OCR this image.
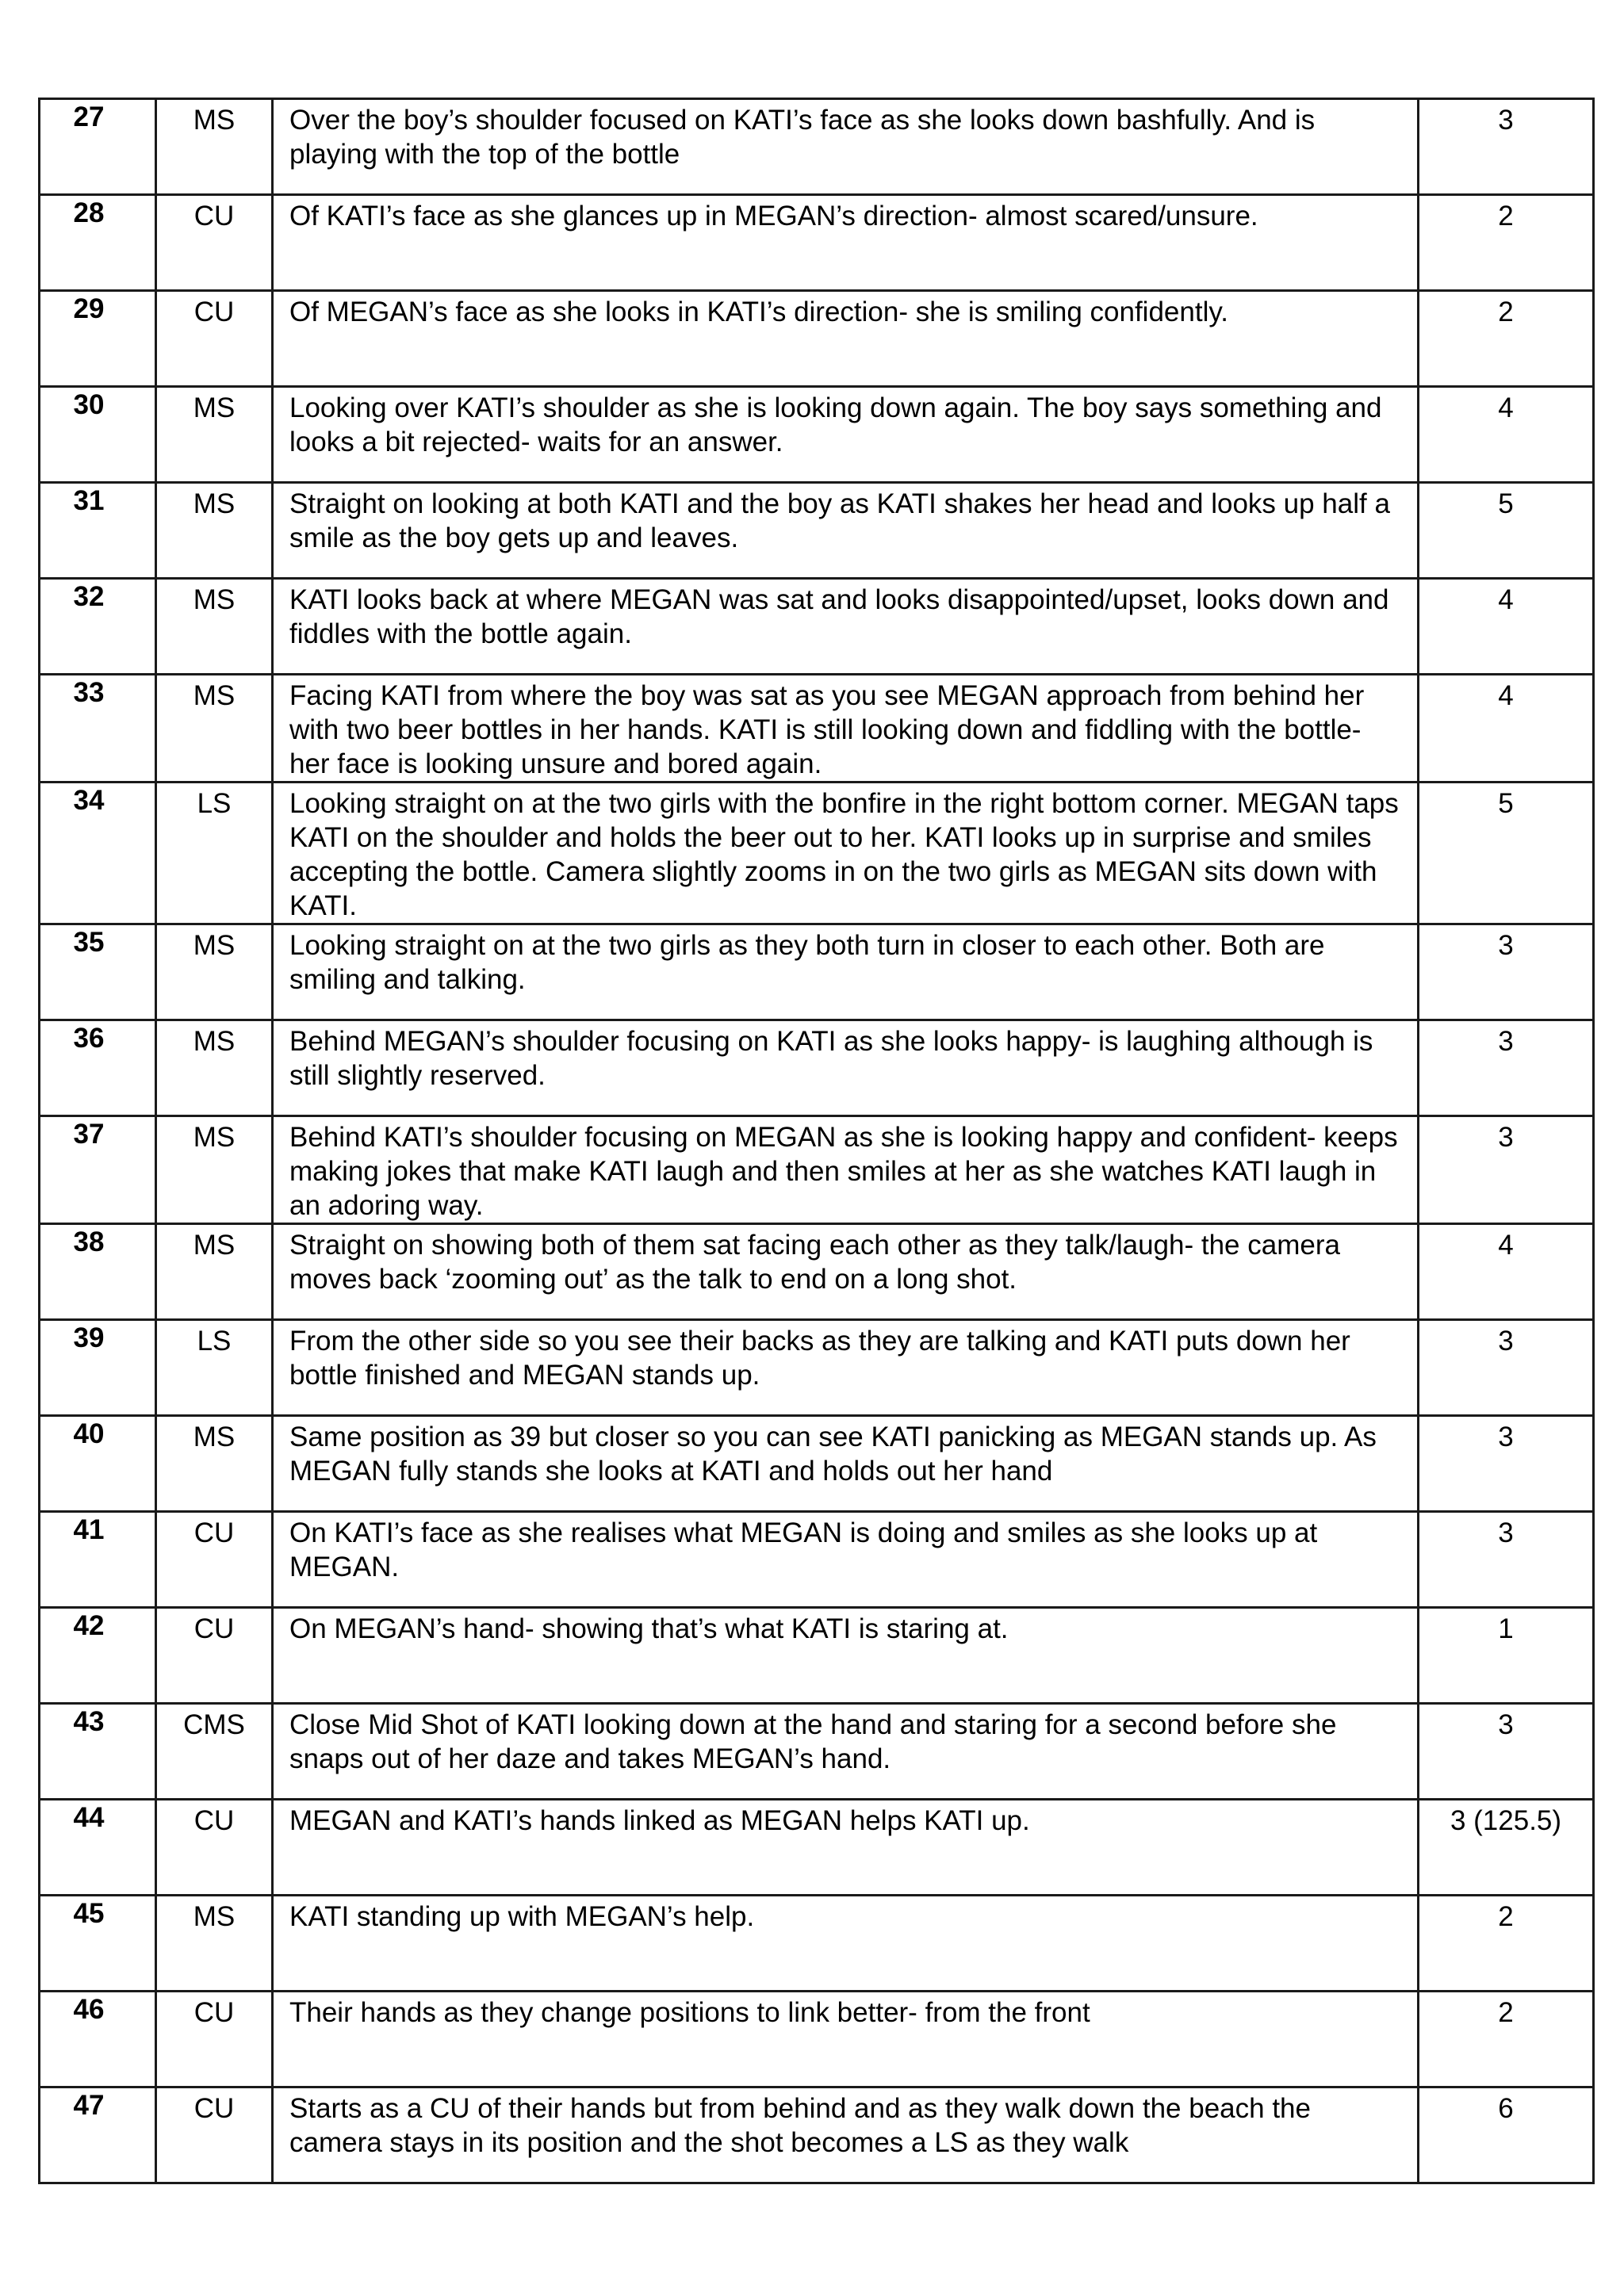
27	MS	Over the boy’s shoulder focused on KATI’s face as she looks down bashfully. And is playing with the top of the bottle	3
28	CU	Of KATI’s face as she glances up in MEGAN’s direction- almost scared/unsure.	2
29	CU	Of MEGAN’s face as she looks in KATI’s direction- she is smiling confidently.	2
30	MS	Looking over KATI’s shoulder as she is looking down again. The boy says something and looks a bit rejected- waits for an answer.	4
31	MS	Straight on looking at both KATI and the boy as KATI shakes her head and looks up half a smile as the boy gets up and leaves.	5
32	MS	KATI looks back at where MEGAN was sat and looks disappointed/upset, looks down and fiddles with the bottle again.	4
33	MS	Facing KATI from where the boy was sat as you see MEGAN approach from behind her with two beer bottles in her hands. KATI is still looking down and fiddling with the bottle- her face is looking unsure and bored again.	4
34	LS	Looking straight on at the two girls with the bonfire in the right bottom corner. MEGAN taps KATI on the shoulder and holds the beer out to her. KATI looks up in surprise and smiles accepting the bottle. Camera slightly zooms in on the two girls as MEGAN sits down with KATI.	5
35	MS	Looking straight on at the two girls as they both turn in closer to each other. Both are smiling and talking.	3
36	MS	Behind MEGAN’s shoulder focusing on KATI as she looks happy- is laughing although is still slightly reserved.	3
37	MS	Behind KATI’s shoulder focusing on MEGAN as she is looking happy and confident- keeps making jokes that make KATI laugh and then smiles at her as she watches KATI laugh in an adoring way.	3
38	MS	Straight on showing both of them sat facing each other as they talk/laugh- the camera moves back ‘zooming out’ as the talk to end on a long shot.	4
39	LS	From the other side so you see their backs as they are talking and KATI puts down her bottle finished and MEGAN stands up.	3
40	MS	Same position as 39 but closer so you can see KATI panicking as MEGAN stands up. As MEGAN fully stands she looks at KATI and holds out her hand	3
41	CU	On KATI’s face as she realises what MEGAN is doing and smiles as she looks up at MEGAN.	3
42	CU	On MEGAN’s hand- showing that’s what KATI is staring at.	1
43	CMS	Close Mid Shot of KATI looking down at the hand and staring for a second before she snaps out of her daze and takes MEGAN’s hand.	3
44	CU	MEGAN and KATI’s hands linked as MEGAN helps KATI up.	3 (125.5)
45	MS	KATI standing up with MEGAN’s help.	2
46	CU	Their hands as they change positions to link better- from the front	2
47	CU	Starts as a CU of their hands but from behind and as they walk down the beach the camera stays in its position and the shot becomes a LS as they walk	6
